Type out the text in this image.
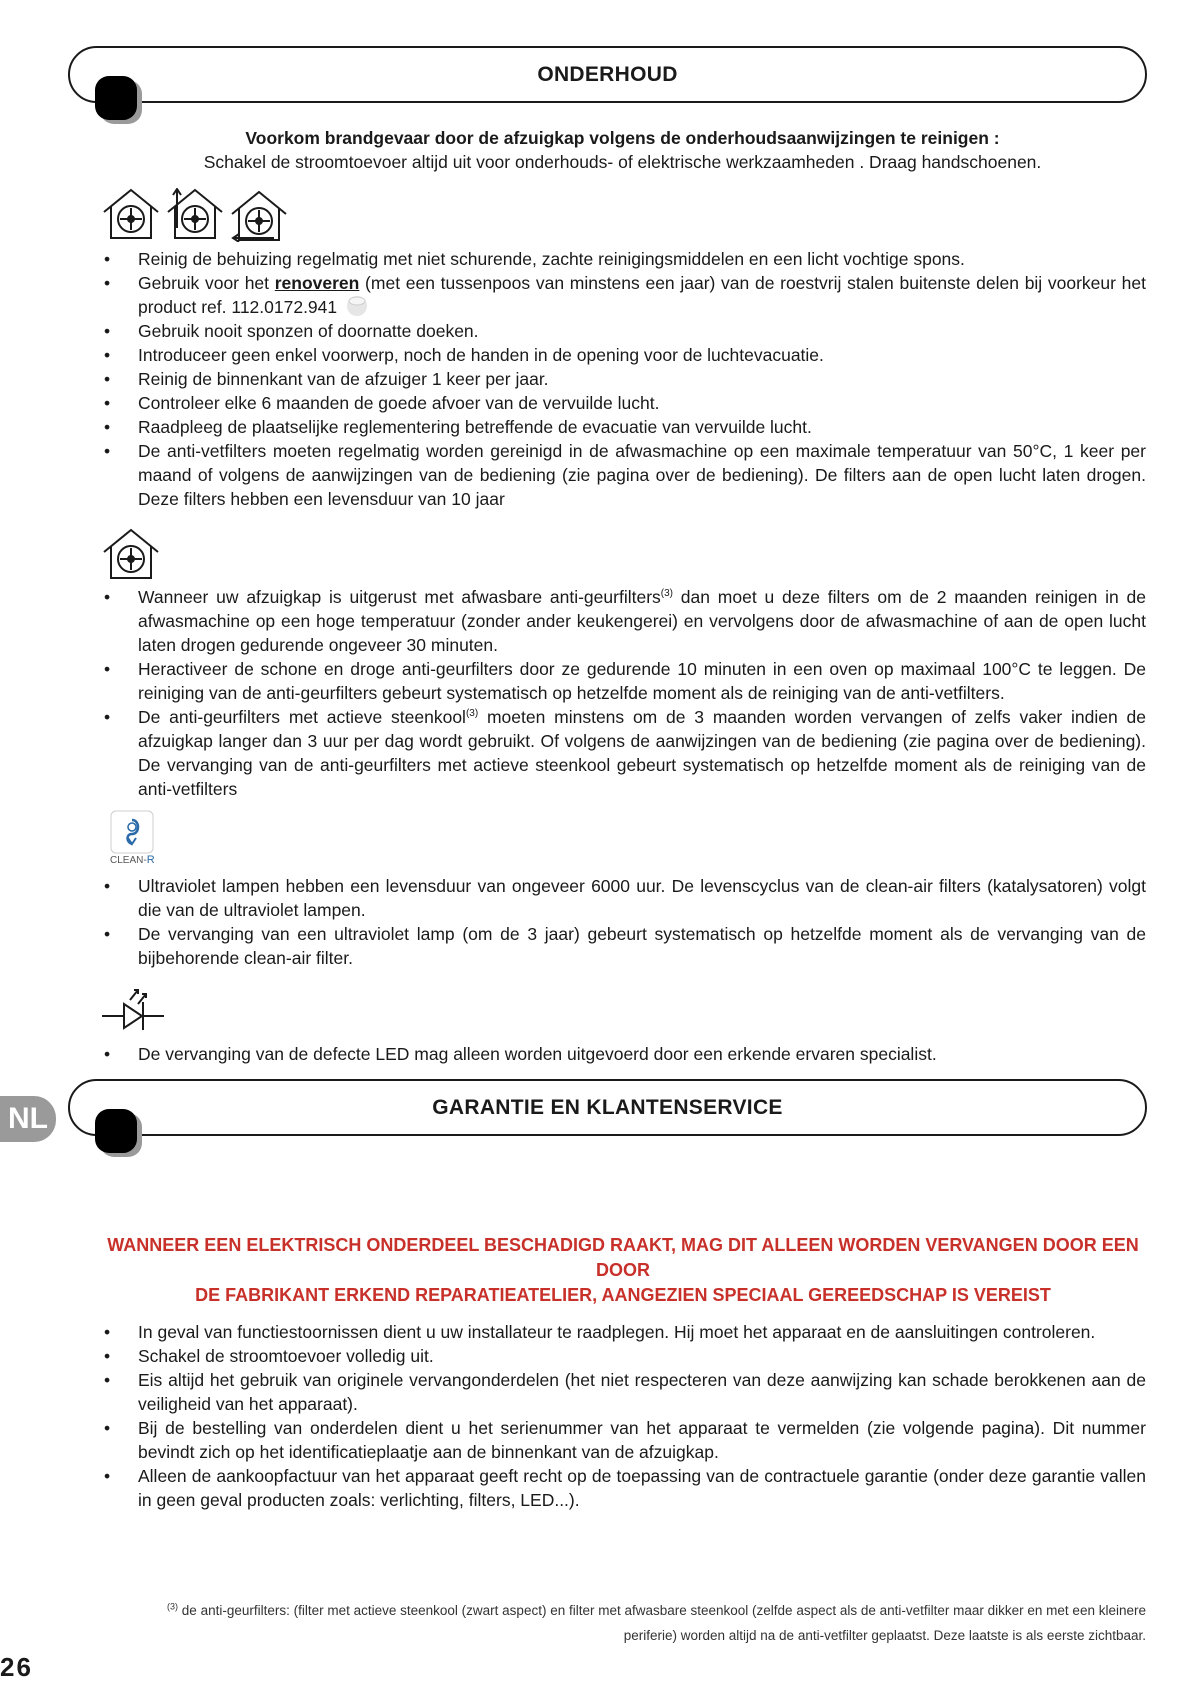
ONDERHOUD
Voorkom brandgevaar door de afzuigkap volgens de onderhoudsaanwijzingen te reinigen :
Schakel de stroomtoevoer altijd uit voor onderhouds- of elektrische werkzaamheden . Draag handschoenen.
• Reinig de behuizing regelmatig met niet schurende, zachte reinigingsmiddelen en een licht vochtige spons.
• Gebruik voor het renoveren (met een tussenpoos van minstens een jaar) van de roestvrij stalen buitenste delen bij voorkeur het product ref. 112.0172.941
• Gebruik nooit sponzen of doornatte doeken.
• Introduceer geen enkel voorwerp, noch de handen in de opening voor de luchtevacuatie.
• Reinig de binnenkant van de afzuiger 1 keer per jaar.
• Controleer elke 6 maanden de goede afvoer van de vervuilde lucht.
• Raadpleeg de plaatselijke reglementering betreffende de evacuatie van vervuilde lucht.
• De anti-vetfilters moeten regelmatig worden gereinigd in de afwasmachine op een maximale temperatuur van 50°C, 1 keer per maand of volgens de aanwijzingen van de bediening (zie pagina over de bediening). De filters aan de open lucht laten drogen. Deze filters hebben een levensduur van 10 jaar
• Wanneer uw afzuigkap is uitgerust met afwasbare anti-geurfilters$^{(3)}$ dan moet u deze filters om de 2 maanden reinigen in de afwasmachine op een hoge temperatuur (zonder ander keukengerei) en vervolgens door de afwasmachine of aan de open lucht laten drogen gedurende ongeveer 30 minuten.
• Heractiveer de schone en droge anti-geurfilters door ze gedurende 10 minuten in een oven op maximaal 100°C te leggen. De reiniging van de anti-geurfilters gebeurt systematisch op hetzelfde moment als de reiniging van de anti-vetfilters.
• De anti-geurfilters met actieve steenkool$^{(3)}$ moeten minstens om de 3 maanden worden vervangen of zelfs vaker indien de afzuigkap langer dan 3 uur per dag wordt gebruikt. Of volgens de aanwijzingen van de bediening (zie pagina over de bediening). De vervanging van de anti-geurfilters met actieve steenkool gebeurt systematisch op hetzelfde moment als de reiniging van de anti-vetfilters
CLEAN-R
• Ultraviolet lampen hebben een levensduur van ongeveer 6000 uur. De levenscyclus van de clean-air filters (katalysatoren) volgt die van de ultraviolet lampen.
• De vervanging van een ultraviolet lamp (om de 3 jaar) gebeurt systematisch op hetzelfde moment als de vervanging van de bijbehorende clean-air filter.
• De vervanging van de defecte LED mag alleen worden uitgevoerd door een erkende ervaren specialist.
NL	GARANTIE EN KLANTENSERVICE
WANNEER EEN ELEKTRISCH ONDERDEEL BESCHADIGD RAAKT, MAG DIT ALLEEN WORDEN VERVANGEN DOOR EEN DOOR
DE FABRIKANT ERKEND REPARATIEATELIER, AANGEZIEN SPECIAAL GEREEDSCHAP IS VEREIST
• In geval van functiestoornissen dient u uw installateur te raadplegen. Hij moet het apparaat en de aansluitingen controleren.
• Schakel de stroomtoevoer volledig uit.
• Eis altijd het gebruik van originele vervangonderdelen (het niet respecteren van deze aanwijzing kan schade berokkenen aan de veiligheid van het apparaat).
• Bij de bestelling van onderdelen dient u het serienummer van het apparaat te vermelden (zie volgende pagina). Dit nummer bevindt zich op het identificatieplaatje aan de binnenkant van de afzuigkap.
• Alleen de aankoopfactuur van het apparaat geeft recht op de toepassing van de contractuele garantie (onder deze garantie vallen in geen geval producten zoals: verlichting, filters, LED...).
$^{(3)}$ de anti-geurfilters: (filter met actieve steenkool (zwart aspect) en filter met afwasbare steenkool (zelfde aspect als de anti-vetfilter maar dikker en met een kleinere
periferie) worden altijd na de anti-vetfilter geplaatst. Deze laatste is als eerste zichtbaar.
26
